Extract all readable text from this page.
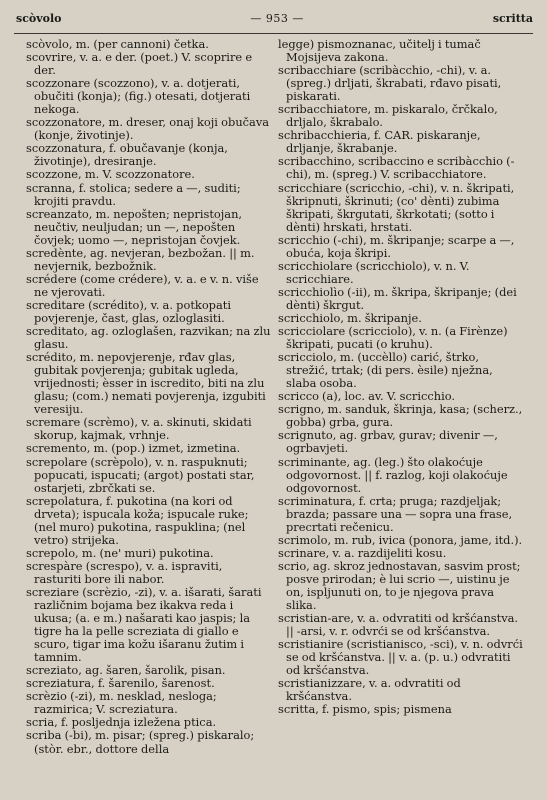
scòvolo	— 953 —	scritta

scòvolo, m. (per cannoni) četka.

scovrire, v. a. e der. (poet.) V. scoprire e der.

scozzonare (scozzono), v. a. dotjerati, obučiti (konja); (fig.) otesati, dotjerati nekoga.

scozzonatore, m. dreser, onaj koji obučava (konje, životinje).

scozzonatura, f. obučavanje (konja, životinje), dresiranje.

scozzone, m. V. scozzonatore.

scranna, f. stolica; sedere a —, suditi; krojiti pravdu.

screanzato, m. nepošten; nepristojan, neučtiv, neuljudan; un —, nepošten čovjek; uomo —, nepristojan čovjek.

scredènte, ag. nevjeran, bezbožan. || m. nevjernik, bezbožnik.

scrédere (come crédere), v. a. e v. n. više ne vjerovati.

screditare (scrédito), v. a. potkopati povjerenje, čast, glas, ozloglasiti.

screditato, ag. ozloglašen, razvikan; na zlu glasu.

scrédito, m. nepovjerenje, rđav glas, gubitak povjerenja; gubitak ugleda, vrijednosti; èsser in iscredito, biti na zlu glasu; (com.) nemati povjerenja, izgubiti veresiju.

scremare (scrèmo), v. a. skinuti, skidati skorup, kajmak, vrhnje.

scremento, m. (pop.) izmet, izmetina.

screpolare (scrèpolo), v. n. raspuknuti; popucati, ispucati; (argot) postati star, ostarjeti, zbrčkati se.

screpolatura, f. pukotina (na kori od drveta); ispucala koža; ispucale ruke; (nel muro) pukotina, raspuklina; (nel vetro) strijeka.

screpolo, m. (ne' muri) pukotina.

screspàre (screspo), v. a. ispraviti, rasturiti bore ili nabor.

screziare (scrèzio, -zi), v. a. išarati, šarati različnim bojama bez ikakva reda i ukusa; (a. e m.) našarati kao jaspis; la tigre ha la pelle screziata di giallo e scuro, tigar ima kožu išaranu žutim i tamnim.

screziato, ag. šaren, šarolik, pisan.

screziatura, f. šarenilo, šarenost.

scrèzio (-zi), m. nesklad, nesloga; razmirica; V. screziatura.

scria, f. posljednja izležena ptica.

scriba (-bi), m. pisar; (spreg.) piskaralo; (stòr. ebr., dottore della

legge) pismoznanac, učitelj i tumač Mojsijeva zakona.

scribacchiare (scribàcchio, -chi), v. a. (spreg.) drljati, škrabati, rđavo pisati, piskarati.

scribacchiatore, m. piskaralo, črčkalo, drljalo, škrabalo.

schribacchieria, f. CAR. piskaranje, drljanje, škrabanje.

scribacchino, scribaccino e scribàcchio (-chi), m. (spreg.) V. scribacchiatore.

scricchiare (scricchio, -chi), v. n. škripati, škripnuti, škrinuti; (co' dènti) zubima škripati, škrgutati, škrkotati; (sotto i dènti) hrskati, hrstati.

scricchio (-chi), m. škripanje; scarpe a —, obuća, koja škripi.

scricchiolare (scricchiolo), v. n. V. scricchiare.

scricchiolìo (-ii), m. škripa, škripanje; (dei dènti) škrgut.

scricchiolo, m. škripanje.

scricciolare (scricciolo), v. n. (a Firènze) škripati, pucati (o kruhu).

scricciolo, m. (uccèllo) carić, štrko, strežić, trtak; (di pers. èsile) nježna, slaba osoba.

scricco (a), loc. av. V. scricchio.

scrigno, m. sanduk, škrinja, kasa; (scherz., gobba) grba, gura.

scrignuto, ag. grbav, gurav; divenir —, ogrbavjeti.

scriminante, ag. (leg.) što olakoćuje odgovornost. || f. razlog, koji olakoćuje odgovornost.

scriminatura, f. crta; pruga; razdjeljak; brazda; passare una — sopra una frase, precrtati rečenicu.

scrimolo, m. rub, ivica (ponora, jame, itd.).

scrinare, v. a. razdijeliti kosu.

scrio, ag. skroz jednostavan, sasvim prost; posve prirodan; è lui scrio —, uistinu je on, ispljunuti on, to je njegova prava slika.

scristian-are, v. a. odvratiti od kršćanstva. || -arsi, v. r. odvrći se od kršćanstva.

scristianire (scristianisco, -sci), v. n. odvrći se od kršćanstva. || v. a. (p. u.) odvratiti od kršćanstva.

scristianizzare, v. a. odvratiti od kršćanstva.

scritta, f. pismo, spis; pismena
